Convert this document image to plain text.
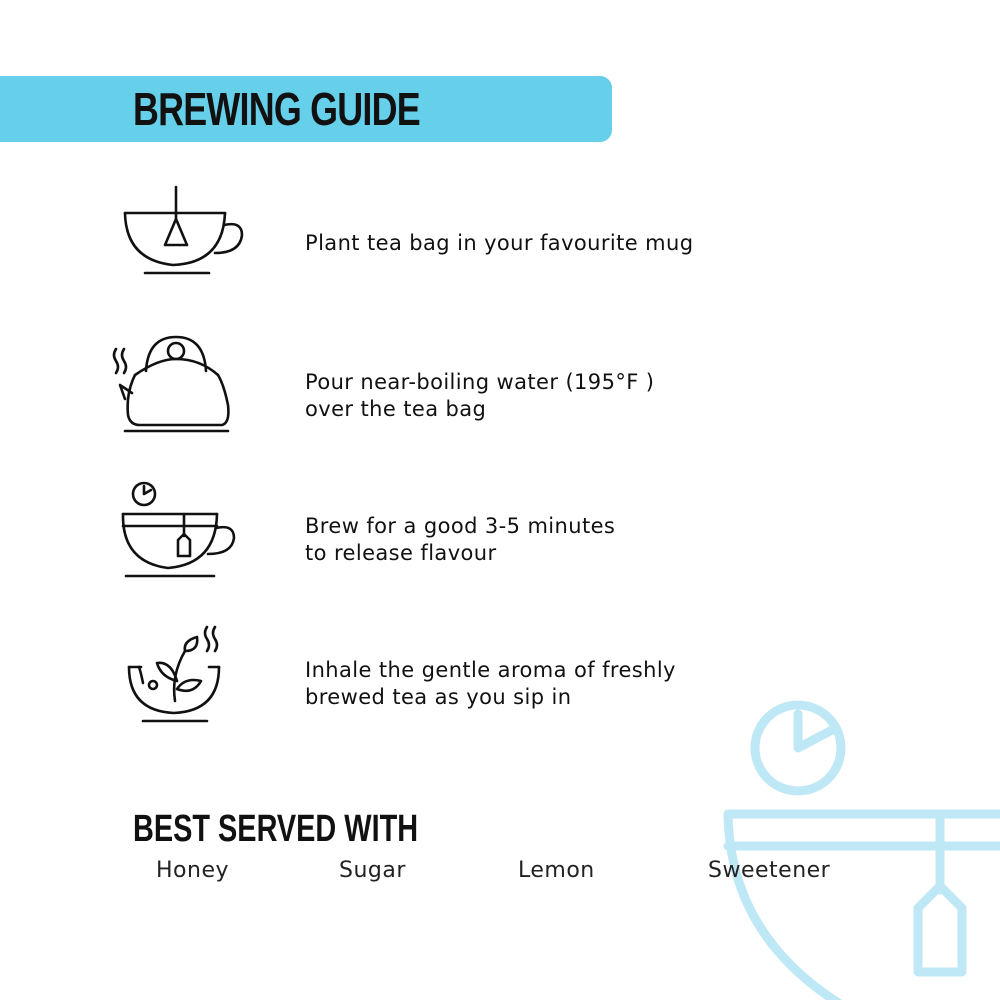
BREWING GUIDE
Plant tea bag in your favourite mug
Pour near-boiling water (195°F )
over the tea bag
Brew for a good 3-5 minutes
to release flavour
Inhale the gentle aroma of freshly
brewed tea as you sip in
BEST SERVED WITH
Honey	Sugar	Lemon	Sweetener
